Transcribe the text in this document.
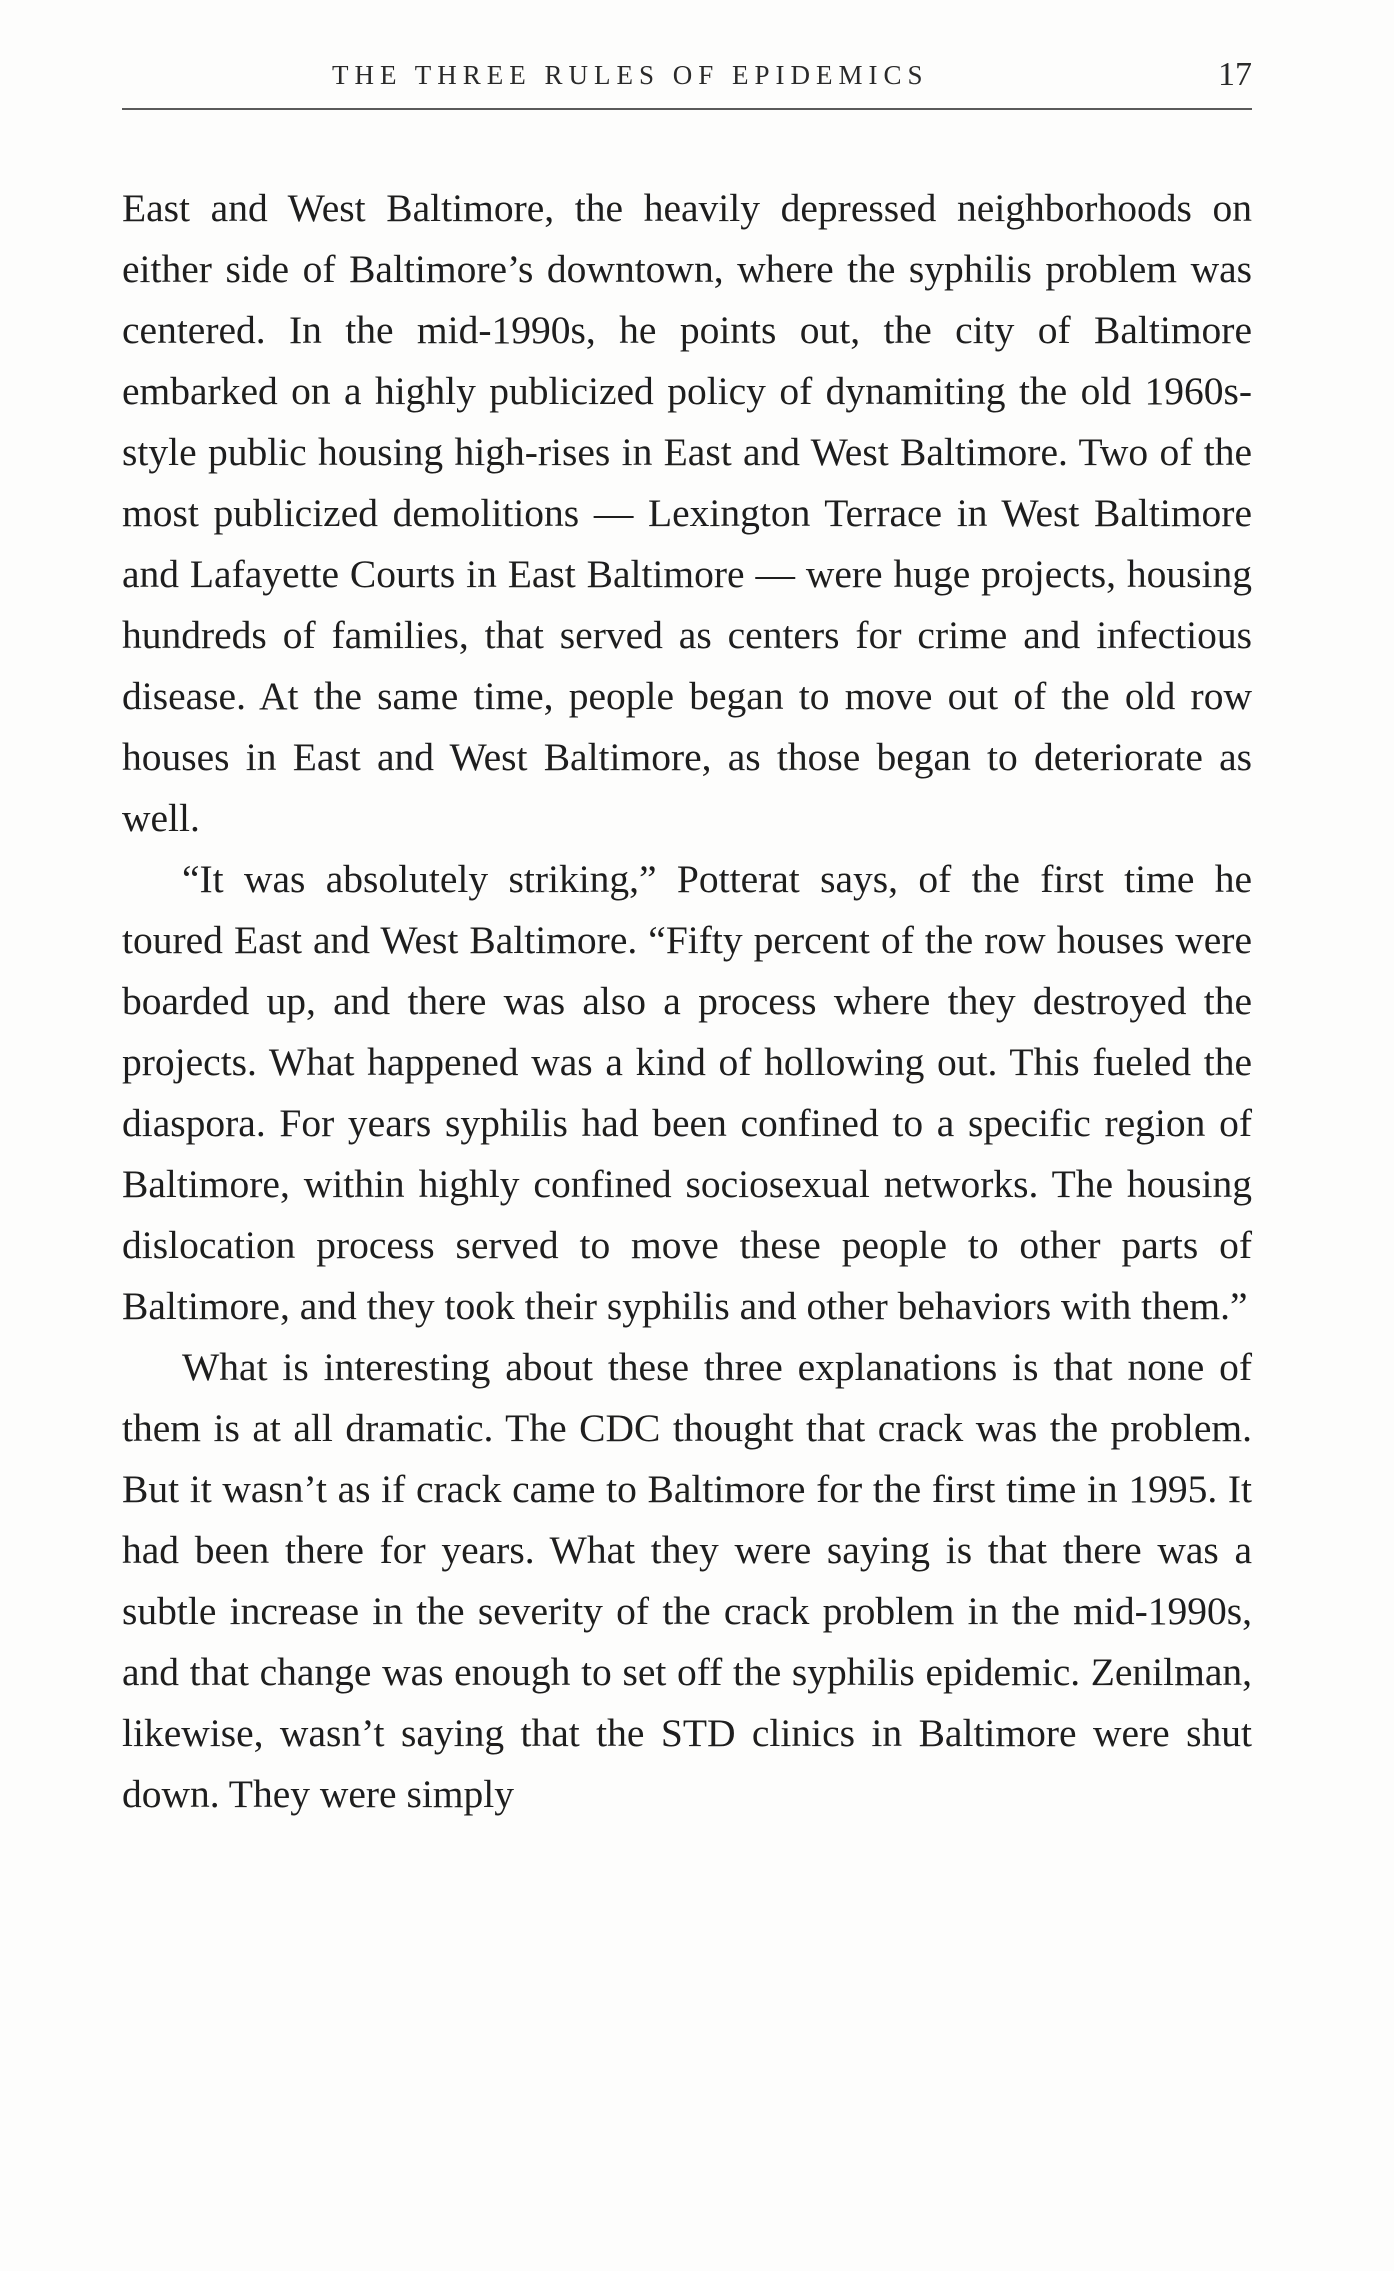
THE THREE RULES OF EPIDEMICS	17

East and West Baltimore, the heavily depressed neighborhoods on either side of Baltimore’s downtown, where the syphilis problem was centered. In the mid-1990s, he points out, the city of Baltimore embarked on a highly publicized policy of dynamiting the old 1960s-style public housing high-rises in East and West Baltimore. Two of the most publicized demolitions — Lexington Terrace in West Baltimore and Lafayette Courts in East Baltimore — were huge projects, housing hundreds of families, that served as centers for crime and infectious disease. At the same time, people began to move out of the old row houses in East and West Baltimore, as those began to deteriorate as well.

“It was absolutely striking,” Potterat says, of the first time he toured East and West Baltimore. “Fifty percent of the row houses were boarded up, and there was also a process where they destroyed the projects. What happened was a kind of hollowing out. This fueled the diaspora. For years syphilis had been confined to a specific region of Baltimore, within highly confined sociosexual networks. The housing dislocation process served to move these people to other parts of Baltimore, and they took their syphilis and other behaviors with them.”

What is interesting about these three explanations is that none of them is at all dramatic. The CDC thought that crack was the problem. But it wasn’t as if crack came to Baltimore for the first time in 1995. It had been there for years. What they were saying is that there was a subtle increase in the severity of the crack problem in the mid-1990s, and that change was enough to set off the syphilis epidemic. Zenilman, likewise, wasn’t saying that the STD clinics in Baltimore were shut down. They were simply
